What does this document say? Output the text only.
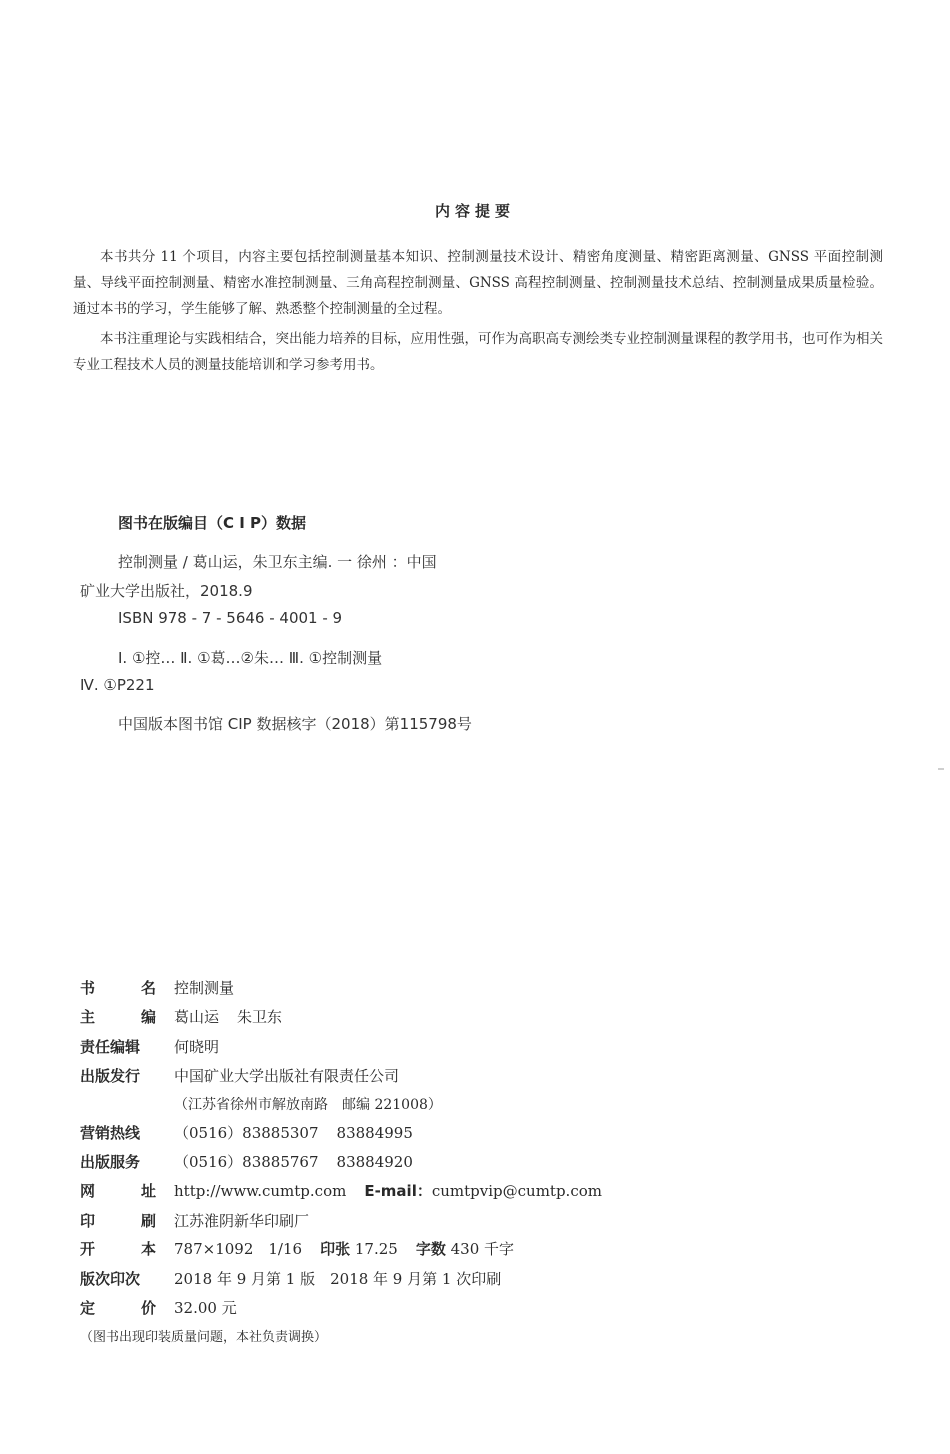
内容提要

本书共分 11 个项目，内容主要包括控制测量基本知识、控制测量技术设计、精密角度测量、精密距离测量、GNSS 平面控制测量、导线平面控制测量、精密水准控制测量、三角高程控制测量、GNSS 高程控制测量、控制测量技术总结、控制测量成果质量检验。通过本书的学习，学生能够了解、熟悉整个控制测量的全过程。

本书注重理论与实践相结合，突出能力培养的目标，应用性强，可作为高职高专测绘类专业控制测量课程的教学用书，也可作为相关专业工程技术人员的测量技能培训和学习参考用书。

图书在版编目（C I P）数据
控制测量 / 葛山运，朱卫东主编. 一 徐州 ：中国
矿业大学出版社，2018.9
ISBN 978 - 7 - 5646 - 4001 - 9
Ⅰ. ①控… Ⅱ. ①葛…②朱… Ⅲ. ①控制测量
Ⅳ. ①P221
中国版本图书馆 CIP 数据核字（2018）第115798号
书	名 控制测量
主	编 葛山运 朱卫东
责任编辑	何晓明
出版发行	中国矿业大学出版社有限责任公司
（江苏省徐州市解放南路　邮编 221008）
营销热线	（0516）83885307 83884995
出版服务	（0516）83885767 83884920
网	址 http://www.cumtp.com E-mail：cumtpvip@cumtp.com
印	刷 江苏淮阴新华印刷厂
开	本 787×1092　1/16 印张 17.25 字数 430 千字
版次印次	2018 年 9 月第 1 版　2018 年 9 月第 1 次印刷
定	价 32.00 元
（图书出现印装质量问题，本社负责调换）
